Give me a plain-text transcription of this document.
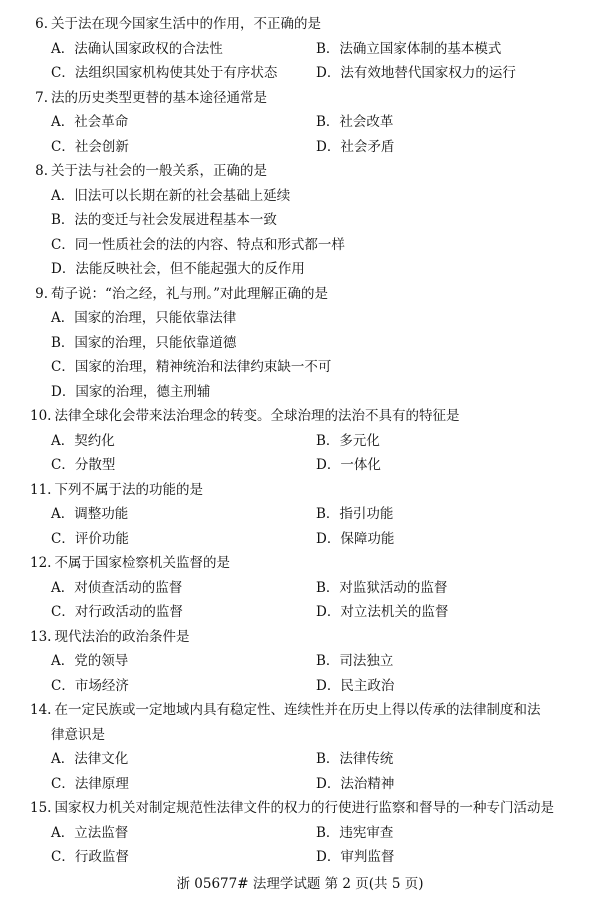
6. 关于法在现今国家生活中的作用，不正确的是
A．法确认国家政权的合法性	B．法确立国家体制的基本模式
C．法组织国家机构使其处于有序状态	D．法有效地替代国家权力的运行
7. 法的历史类型更替的基本途径通常是
A．社会革命	B．社会改革
C．社会创新	D．社会矛盾
8. 关于法与社会的一般关系，正确的是
A．旧法可以长期在新的社会基础上延续
B．法的变迁与社会发展进程基本一致
C．同一性质社会的法的内容、特点和形式都一样
D．法能反映社会，但不能起强大的反作用
9. 荀子说：“治之经，礼与刑。”对此理解正确的是
A．国家的治理，只能依靠法律
B．国家的治理，只能依靠道德
C．国家的治理，精神统治和法律约束缺一不可
D．国家的治理，德主刑辅
10. 法律全球化会带来法治理念的转变。全球治理的法治不具有的特征是
A．契约化	B．多元化
C．分散型	D．一体化
11. 下列不属于法的功能的是
A．调整功能	B．指引功能
C．评价功能	D．保障功能
12. 不属于国家检察机关监督的是
A．对侦查活动的监督	B．对监狱活动的监督
C．对行政活动的监督	D．对立法机关的监督
13. 现代法治的政治条件是
A．党的领导	B．司法独立
C．市场经济	D．民主政治
14. 在一定民族或一定地域内具有稳定性、连续性并在历史上得以传承的法律制度和法
律意识是
A．法律文化	B．法律传统
C．法律原理	D．法治精神
15. 国家权力机关对制定规范性法律文件的权力的行使进行监察和督导的一种专门活动是
A．立法监督	B．违宪审查
C．行政监督	D．审判监督
浙 05677# 法理学试题 第 2 页(共 5 页)
